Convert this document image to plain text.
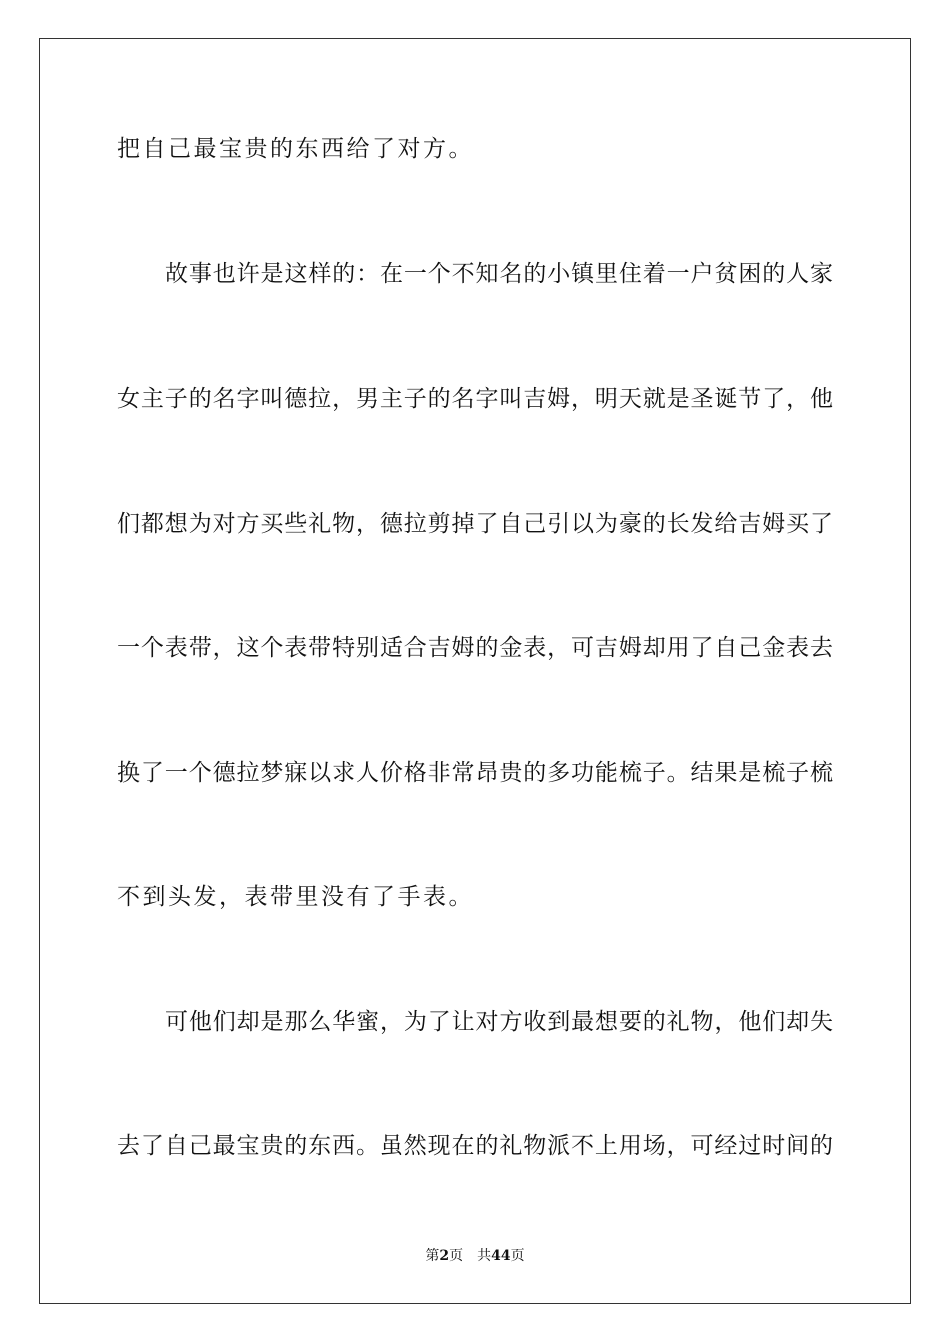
把自己最宝贵的东西给了对方。
故事也许是这样的：在一个不知名的小镇里住着一户贫困的人家
女主子的名字叫德拉，男主子的名字叫吉姆，明天就是圣诞节了，他
们都想为对方买些礼物，德拉剪掉了自己引以为豪的长发给吉姆买了
一个表带，这个表带特别适合吉姆的金表，可吉姆却用了自己金表去
换了一个德拉梦寐以求人价格非常昂贵的多功能梳子。结果是梳子梳
不到头发，表带里没有了手表。
可他们却是那么华蜜，为了让对方收到最想要的礼物，他们却失
去了自己最宝贵的东西。虽然现在的礼物派不上用场，可经过时间的
第2页 共44页
